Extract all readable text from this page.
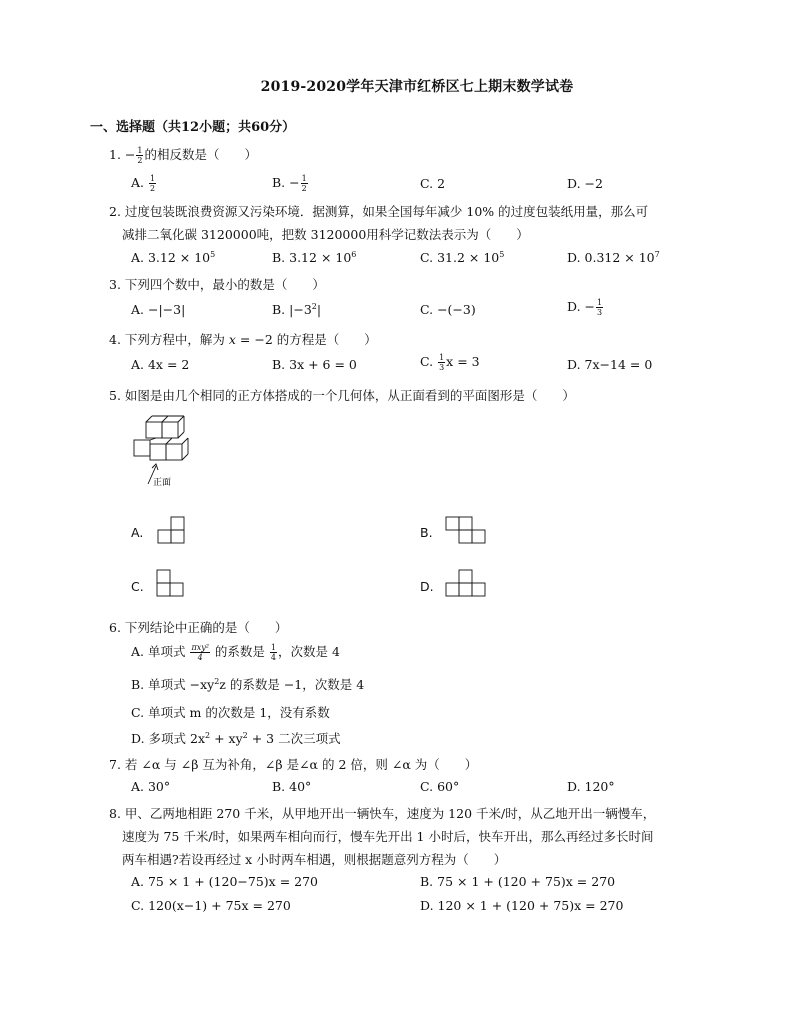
2019-2020学年天津市红桥区七上期末数学试卷
一、选择题（共12小题；共60分）
1. − $\frac{1}{2}$ 的相反数是（　　）
A. $\frac{1}{2}$	B. − $\frac{1}{2}$	C. 2	D. −2
2. 过度包装既浪费资源又污染环境．据测算，如果全国每年减少 10% 的过度包装纸用量，那么可
减排二氧化碳 3120000吨，把数 3120000用科学记数法表示为（　　）
A. $3.12 \times 10^5$	B. $3.12 \times 10^6$	C. $31.2 \times 10^5$	D. $0.312 \times 10^7$
3. 下列四个数中，最小的数是（　　）
A. −|−3|	B. $|-3^2|$	C. −(−3)	D. − $\frac{1}{3}$
4. 下列方程中，解为 x = −2 的方程是（　　）
A. 4x = 2	B. 3x + 6 = 0	C. $\frac{1}{3}$ x = 3	D. 7x−14 = 0
5. 如图是由几个相同的正方体搭成的一个几何体，从正面看到的平面图形是（　　）
正面
A.	B.
C.	D.
6. 下列结论中正确的是（　　）
A. 单项式 $\frac{\text{πxy²}}{4}$ 的系数是 $\frac{1}{4}$ ，次数是 4
B. 单项式 $-xy^2z$ 的系数是 −1，次数是 4
C. 单项式 m 的次数是 1，没有系数
D. 多项式 $2x^2 + xy^2 + 3$ 二次三项式
7. 若 ∠α 与 ∠β 互为补角，∠β 是∠α 的 2 倍，则 ∠α 为（　　）
A. 30°	B. 40°	C. 60°	D. 120°
8. 甲、乙两地相距 270 千米，从甲地开出一辆快车，速度为 120 千米/时，从乙地开出一辆慢车，
速度为 75 千米/时，如果两车相向而行，慢车先开出 1 小时后，快车开出，那么再经过多长时间
两车相遇?若设再经过 x 小时两车相遇，则根据题意列方程为（　　）
A. 75 × 1 + (120−75)x = 270	B. 75 × 1 + (120 + 75)x = 270
C. 120(x−1) + 75x = 270	D. 120 × 1 + (120 + 75)x = 270
